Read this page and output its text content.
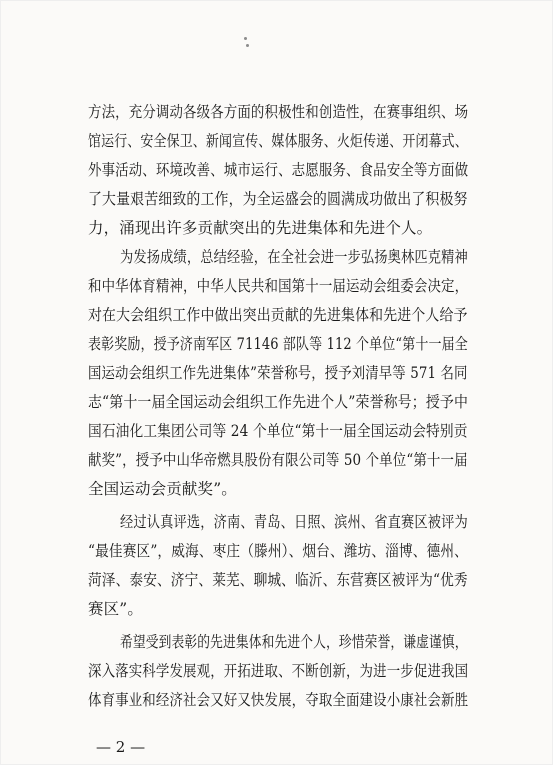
方法，充分调动各级各方面的积极性和创造性，在赛事组织、场
馆运行、安全保卫、新闻宣传、媒体服务、火炬传递、开闭幕式、
外事活动、环境改善、城市运行、志愿服务、食品安全等方面做
了大量艰苦细致的工作，为全运盛会的圆满成功做出了积极努
力，涌现出许多贡献突出的先进集体和先进个人。
为发扬成绩，总结经验，在全社会进一步弘扬奥林匹克精神
和中华体育精神，中华人民共和国第十一届运动会组委会决定，
对在大会组织工作中做出突出贡献的先进集体和先进个人给予
表彰奖励，授予济南军区 71146 部队等 112 个单位“第十一届全
国运动会组织工作先进集体”荣誉称号，授予刘清早等 571 名同
志“第十一届全国运动会组织工作先进个人”荣誉称号；授予中
国石油化工集团公司等 24 个单位“第十一届全国运动会特别贡
献奖”，授予中山华帝燃具股份有限公司等 50 个单位“第十一届
全国运动会贡献奖”。
经过认真评选，济南、青岛、日照、滨州、省直赛区被评为
“最佳赛区”，威海、枣庄（滕州）、烟台、潍坊、淄博、德州、
菏泽、泰安、济宁、莱芜、聊城、临沂、东营赛区被评为“优秀
赛区”。
希望受到表彰的先进集体和先进个人，珍惜荣誉，谦虚谨慎，
深入落实科学发展观，开拓进取、不断创新，为进一步促进我国
体育事业和经济社会又好又快发展，夺取全面建设小康社会新胜
— 2 —
